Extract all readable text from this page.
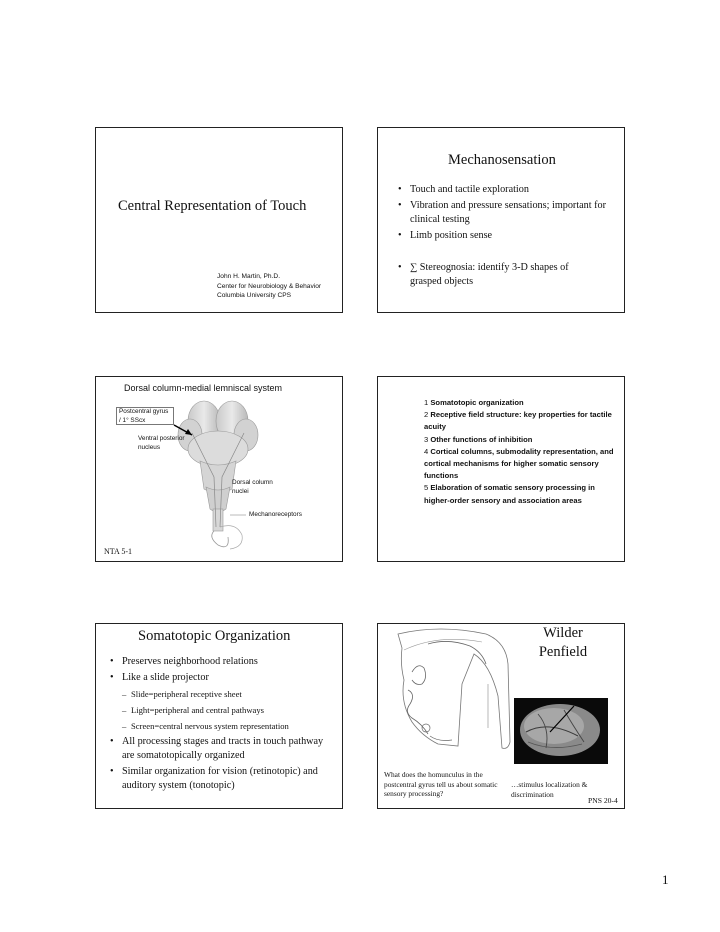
Central Representation of Touch
John H. Martin, Ph.D.
Center for Neurobiology & Behavior
Columbia University CPS
Mechanosensation
• Touch and tactile exploration
• Vibration and pressure sensations; important for clinical testing
• Limb position sense
• ∑ Stereognosia: identify 3-D shapes of grasped objects
Dorsal column-medial lemniscal system
Postcentral gyrus / 1° SScx
Ventral posterior nucleus
Dorsal column nuclei
Mechanoreceptors
NTA 5-1
1 Somatotopic organization
2 Receptive field structure: key properties for tactile acuity
3 Other functions of inhibition
4 Cortical columns, submodality representation, and cortical mechanisms for higher somatic sensory functions
5 Elaboration of somatic sensory processing in higher-order sensory and association areas
Somatotopic Organization
• Preserves neighborhood relations
• Like a slide projector
– Slide=peripheral receptive sheet
– Light=peripheral and central pathways
– Screen=central nervous system representation
• All processing stages and tracts in touch pathway are somatotopically organized
• Similar organization for vision (retinotopic) and auditory system (tonotopic)
Wilder
Penfield
What does the homunculus in the postcentral gyrus tell us about somatic sensory processing?
…stimulus localization & discrimination
PNS 20-4
1
